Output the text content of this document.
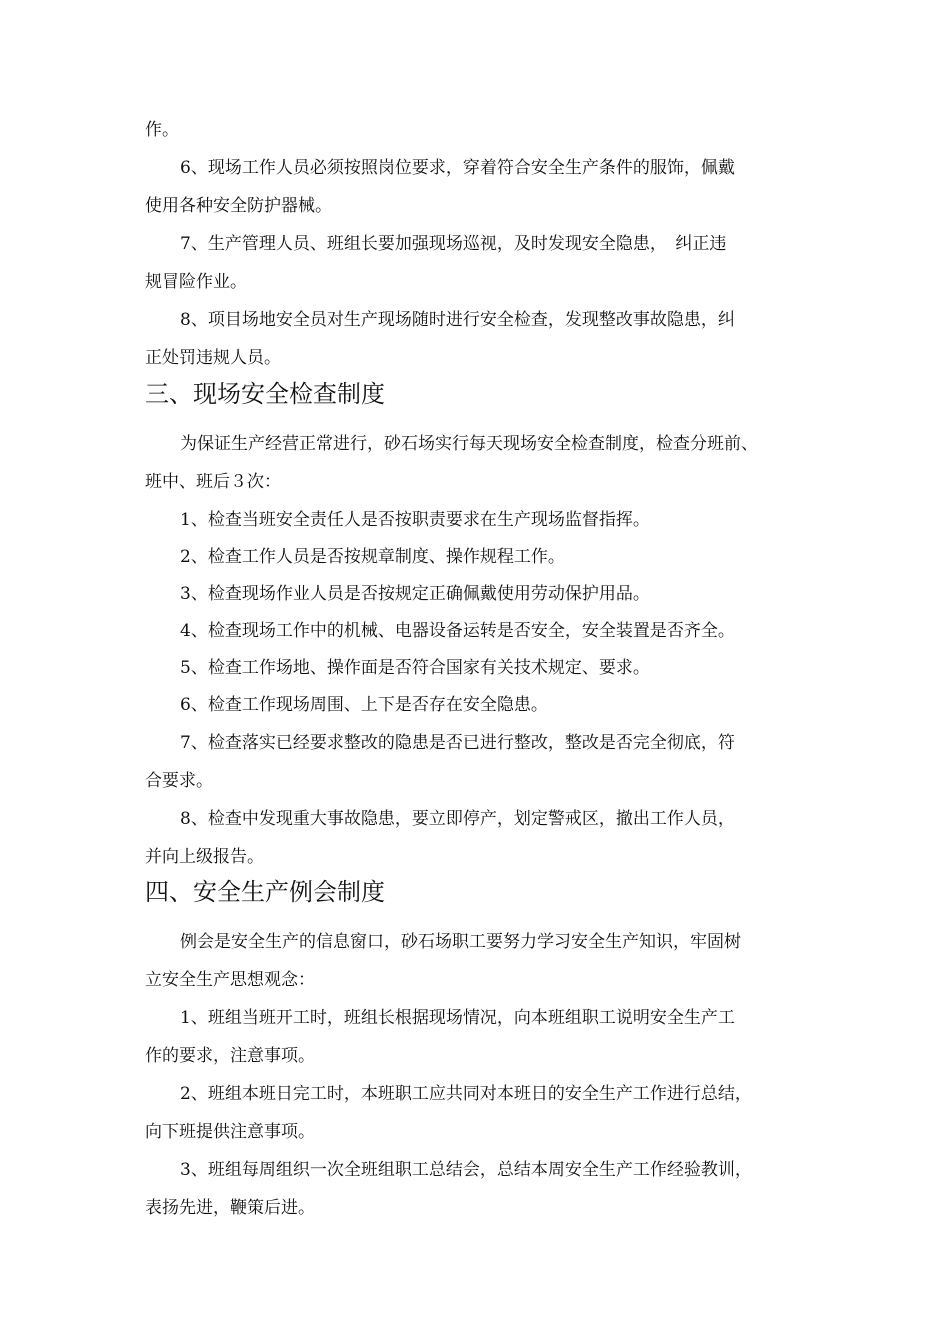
作。
6、现场工作人员必须按照岗位要求，穿着符合安全生产条件的服饰，佩戴
使用各种安全防护器械。
7、生产管理人员、班组长要加强现场巡视，及时发现安全隐患，　纠正违
规冒险作业。
8、项目场地安全员对生产现场随时进行安全检查，发现整改事故隐患，纠
正处罚违规人员。
三、现场安全检查制度
为保证生产经营正常进行，砂石场实行每天现场安全检查制度，检查分班前、
班中、班后３次：
1、检查当班安全责任人是否按职责要求在生产现场监督指挥。
2、检查工作人员是否按规章制度、操作规程工作。
3、检查现场作业人员是否按规定正确佩戴使用劳动保护用品。
4、检查现场工作中的机械、电器设备运转是否安全，安全装置是否齐全。
5、检查工作场地、操作面是否符合国家有关技术规定、要求。
6、检查工作现场周围、上下是否存在安全隐患。
7、检查落实已经要求整改的隐患是否已进行整改，整改是否完全彻底，符
合要求。
8、检查中发现重大事故隐患，要立即停产，划定警戒区，撤出工作人员，
并向上级报告。
四、安全生产例会制度
例会是安全生产的信息窗口，砂石场职工要努力学习安全生产知识，牢固树
立安全生产思想观念：
1、班组当班开工时，班组长根据现场情况，向本班组职工说明安全生产工
作的要求，注意事项。
2、班组本班日完工时，本班职工应共同对本班日的安全生产工作进行总结，
向下班提供注意事项。
3、班组每周组织一次全班组职工总结会，总结本周安全生产工作经验教训，
表扬先进，鞭策后进。
